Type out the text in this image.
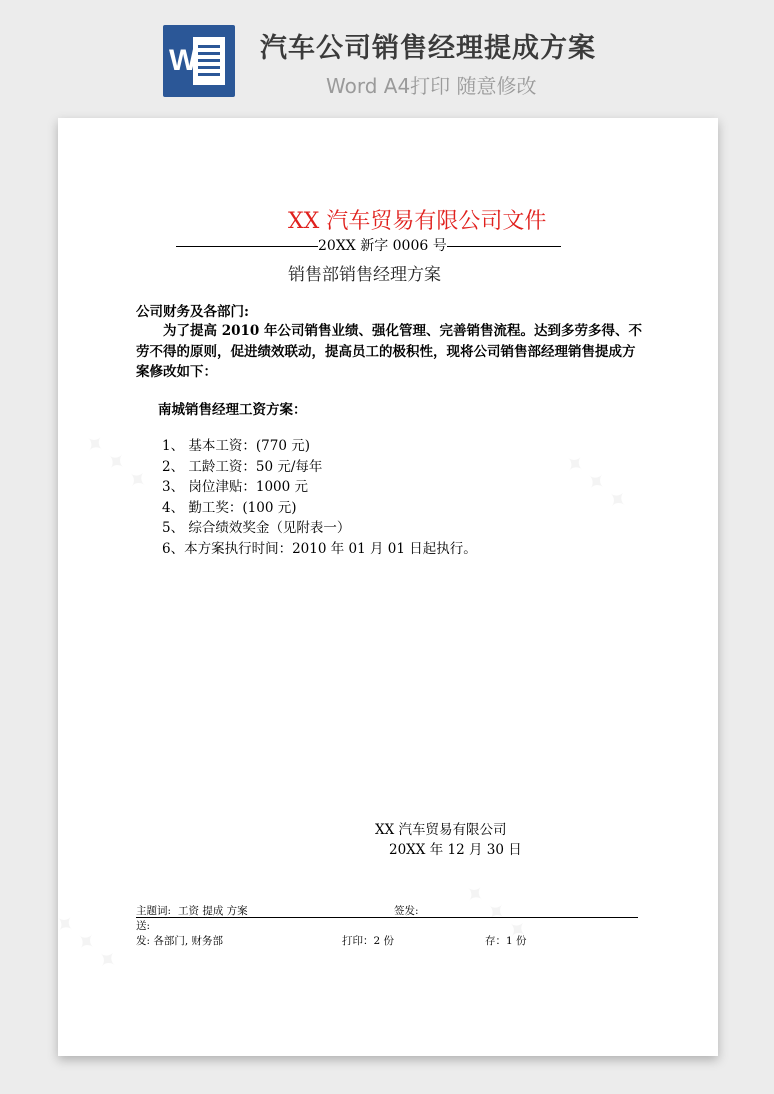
W 汽车公司销售经理提成方案
Word A4打印 随意修改
XX 汽车贸易有限公司文件
20XX 新字 0006 号
销售部销售经理方案
公司财务及各部门:
为了提高 2010 年公司销售业绩、强化管理、完善销售流程。达到多劳多得、不劳不得的原则，促进绩效联动，提高员工的极积性，现将公司销售部经理销售提成方案修改如下：
南城销售经理工资方案：
1、 基本工资：(770 元)
2、 工龄工资：50 元/每年
3、 岗位津贴：1000 元
4、 勤工奖：(100 元)
5、 综合绩效奖金（见附表一）
6、本方案执行时间：2010 年 01 月 01 日起执行。
XX 汽车贸易有限公司
20XX 年 12 月 30 日
主题词: 工资 提成 方案	签发:
送:
发: 各部门, 财务部	打印：2 份	存：1 份
